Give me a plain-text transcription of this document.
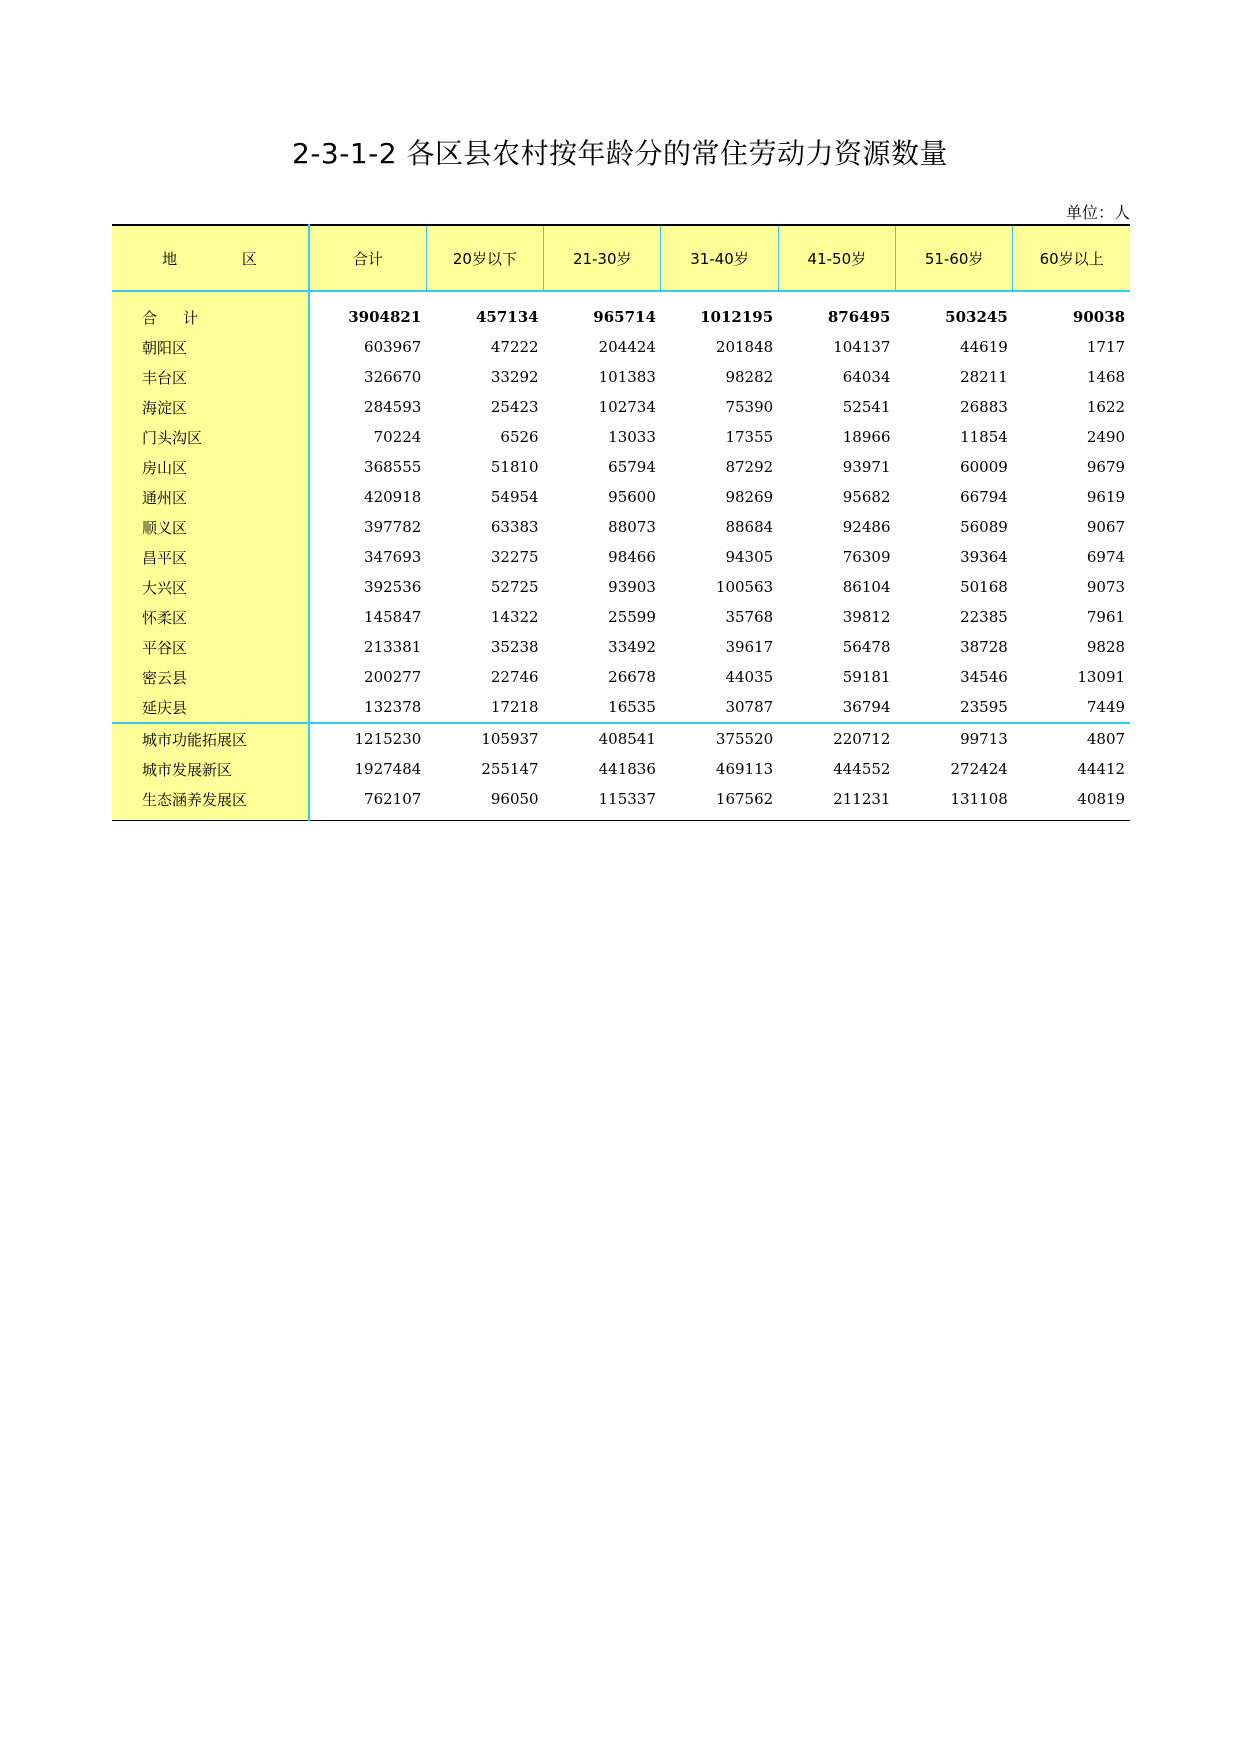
2-3-1-2 各区县农村按年龄分的常住劳动力资源数量
单位：人
地 区	合计	20岁以下	21-30岁	31-40岁	41-50岁	51-60岁	60岁以上
合计	3904821	457134	965714	1012195	876495	503245	90038
朝阳区	603967	47222	204424	201848	104137	44619	1717
丰台区	326670	33292	101383	98282	64034	28211	1468
海淀区	284593	25423	102734	75390	52541	26883	1622
门头沟区	70224	6526	13033	17355	18966	11854	2490
房山区	368555	51810	65794	87292	93971	60009	9679
通州区	420918	54954	95600	98269	95682	66794	9619
顺义区	397782	63383	88073	88684	92486	56089	9067
昌平区	347693	32275	98466	94305	76309	39364	6974
大兴区	392536	52725	93903	100563	86104	50168	9073
怀柔区	145847	14322	25599	35768	39812	22385	7961
平谷区	213381	35238	33492	39617	56478	38728	9828
密云县	200277	22746	26678	44035	59181	34546	13091
延庆县	132378	17218	16535	30787	36794	23595	7449
城市功能拓展区	1215230	105937	408541	375520	220712	99713	4807
城市发展新区	1927484	255147	441836	469113	444552	272424	44412
生态涵养发展区	762107	96050	115337	167562	211231	131108	40819
